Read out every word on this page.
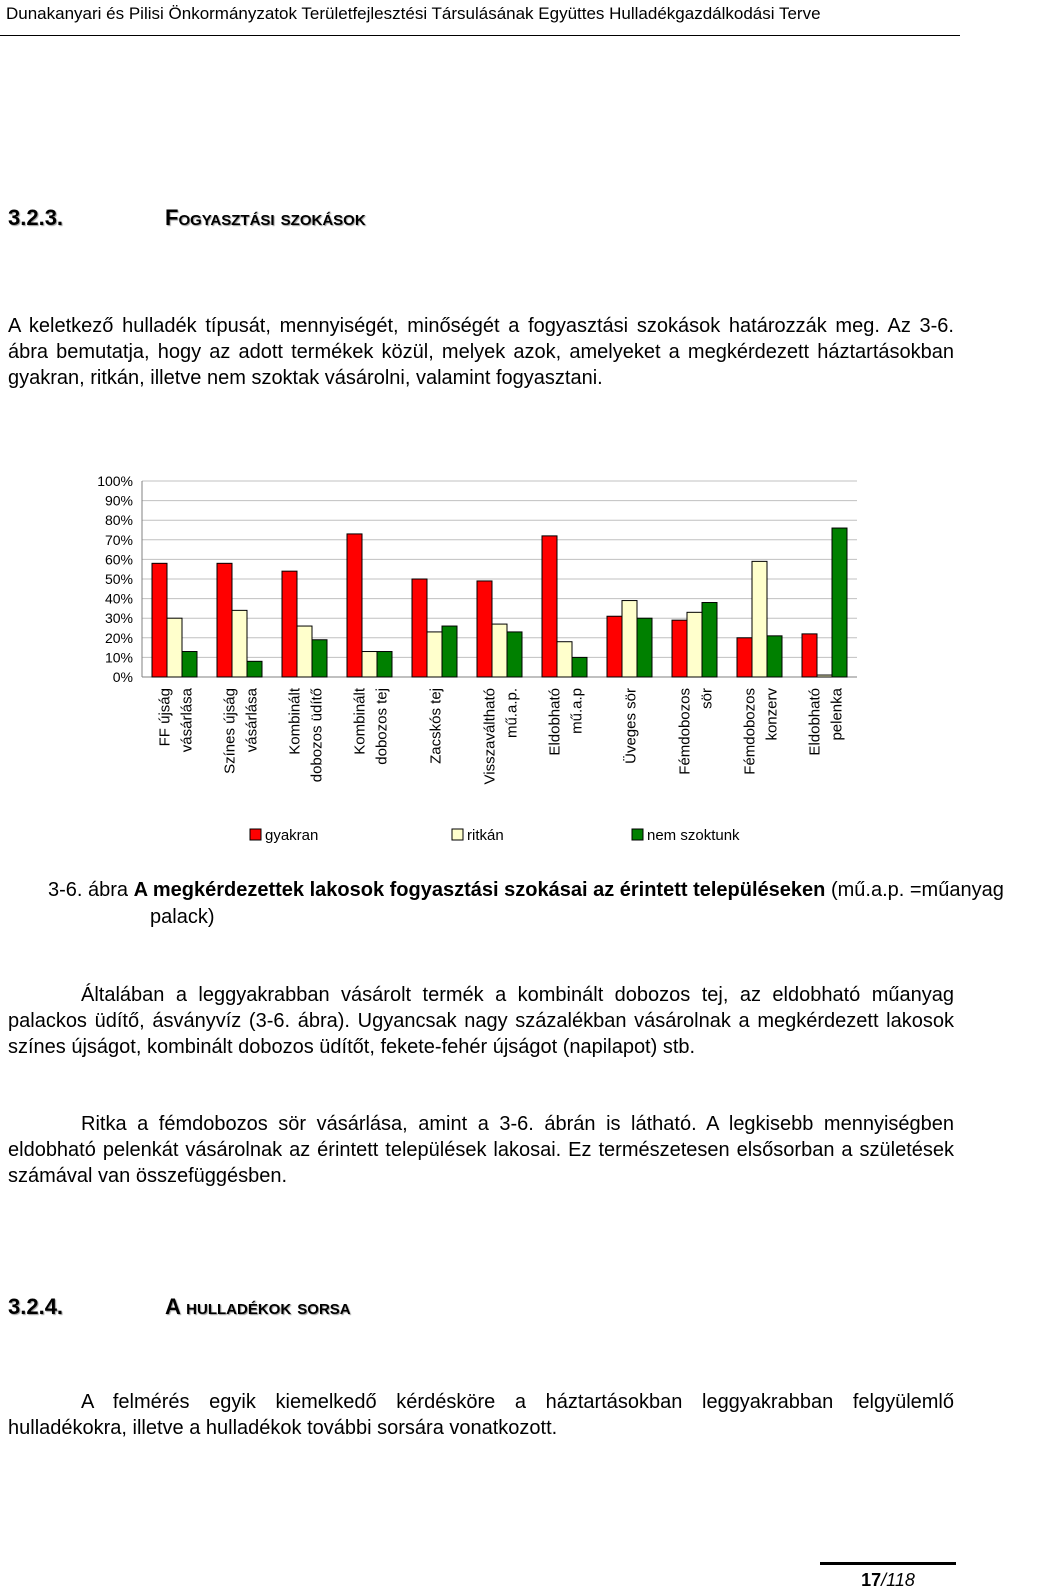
Dunakanyari és Pilisi Önkormányzatok Területfejlesztési Társulásának Együttes Hulladékgazdálkodási Terve
3.2.3.	Fogyasztási szokások

A keletkező hulladék típusát, mennyiségét, minőségét a fogyasztási szokások határozzák meg. Az 3-6. ábra bemutatja, hogy az adott termékek közül, melyek azok, amelyeket a megkérdezett háztartásokban gyakran, ritkán, illetve nem szoktak vásárolni, valamint fogyasztani.

0%
10%
20%
30%
40%
50%
60%
70%
80%
90%
100%
FF újság vásárlása Színes újság vásárlása Kombinált dobozos üdítő Kombinált dobozos tej Zacskós tej Visszaváltható mű.a.p. Eldobható mű.a.p Üveges sör Fémdobozos sör Fémdobozos konzerv Eldobható pelenka
gyakran	ritkán	nem szoktunk
3-6. ábra A megkérdezettek lakosok fogyasztási szokásai az érintett településeken (mű.a.p. =műanyag palack)

Általában a leggyakrabban vásárolt termék a kombinált dobozos tej, az eldobható műanyag palackos üdítő, ásványvíz (3-6. ábra). Ugyancsak nagy százalékban vásárolnak a megkérdezett lakosok színes újságot, kombinált dobozos üdítőt, fekete-fehér újságot (napilapot) stb.

Ritka a fémdobozos sör vásárlása, amint a 3-6. ábrán is látható. A legkisebb mennyiségben eldobható pelenkát vásárolnak az érintett települések lakosai. Ez természetesen elsősorban a születések számával van összefüggésben.

3.2.4.	A hulladékok sorsa

A felmérés egyik kiemelkedő kérdésköre a háztartásokban leggyakrabban felgyülemlő hulladékokra, illetve a hulladékok további sorsára vonatkozott.

17/118
